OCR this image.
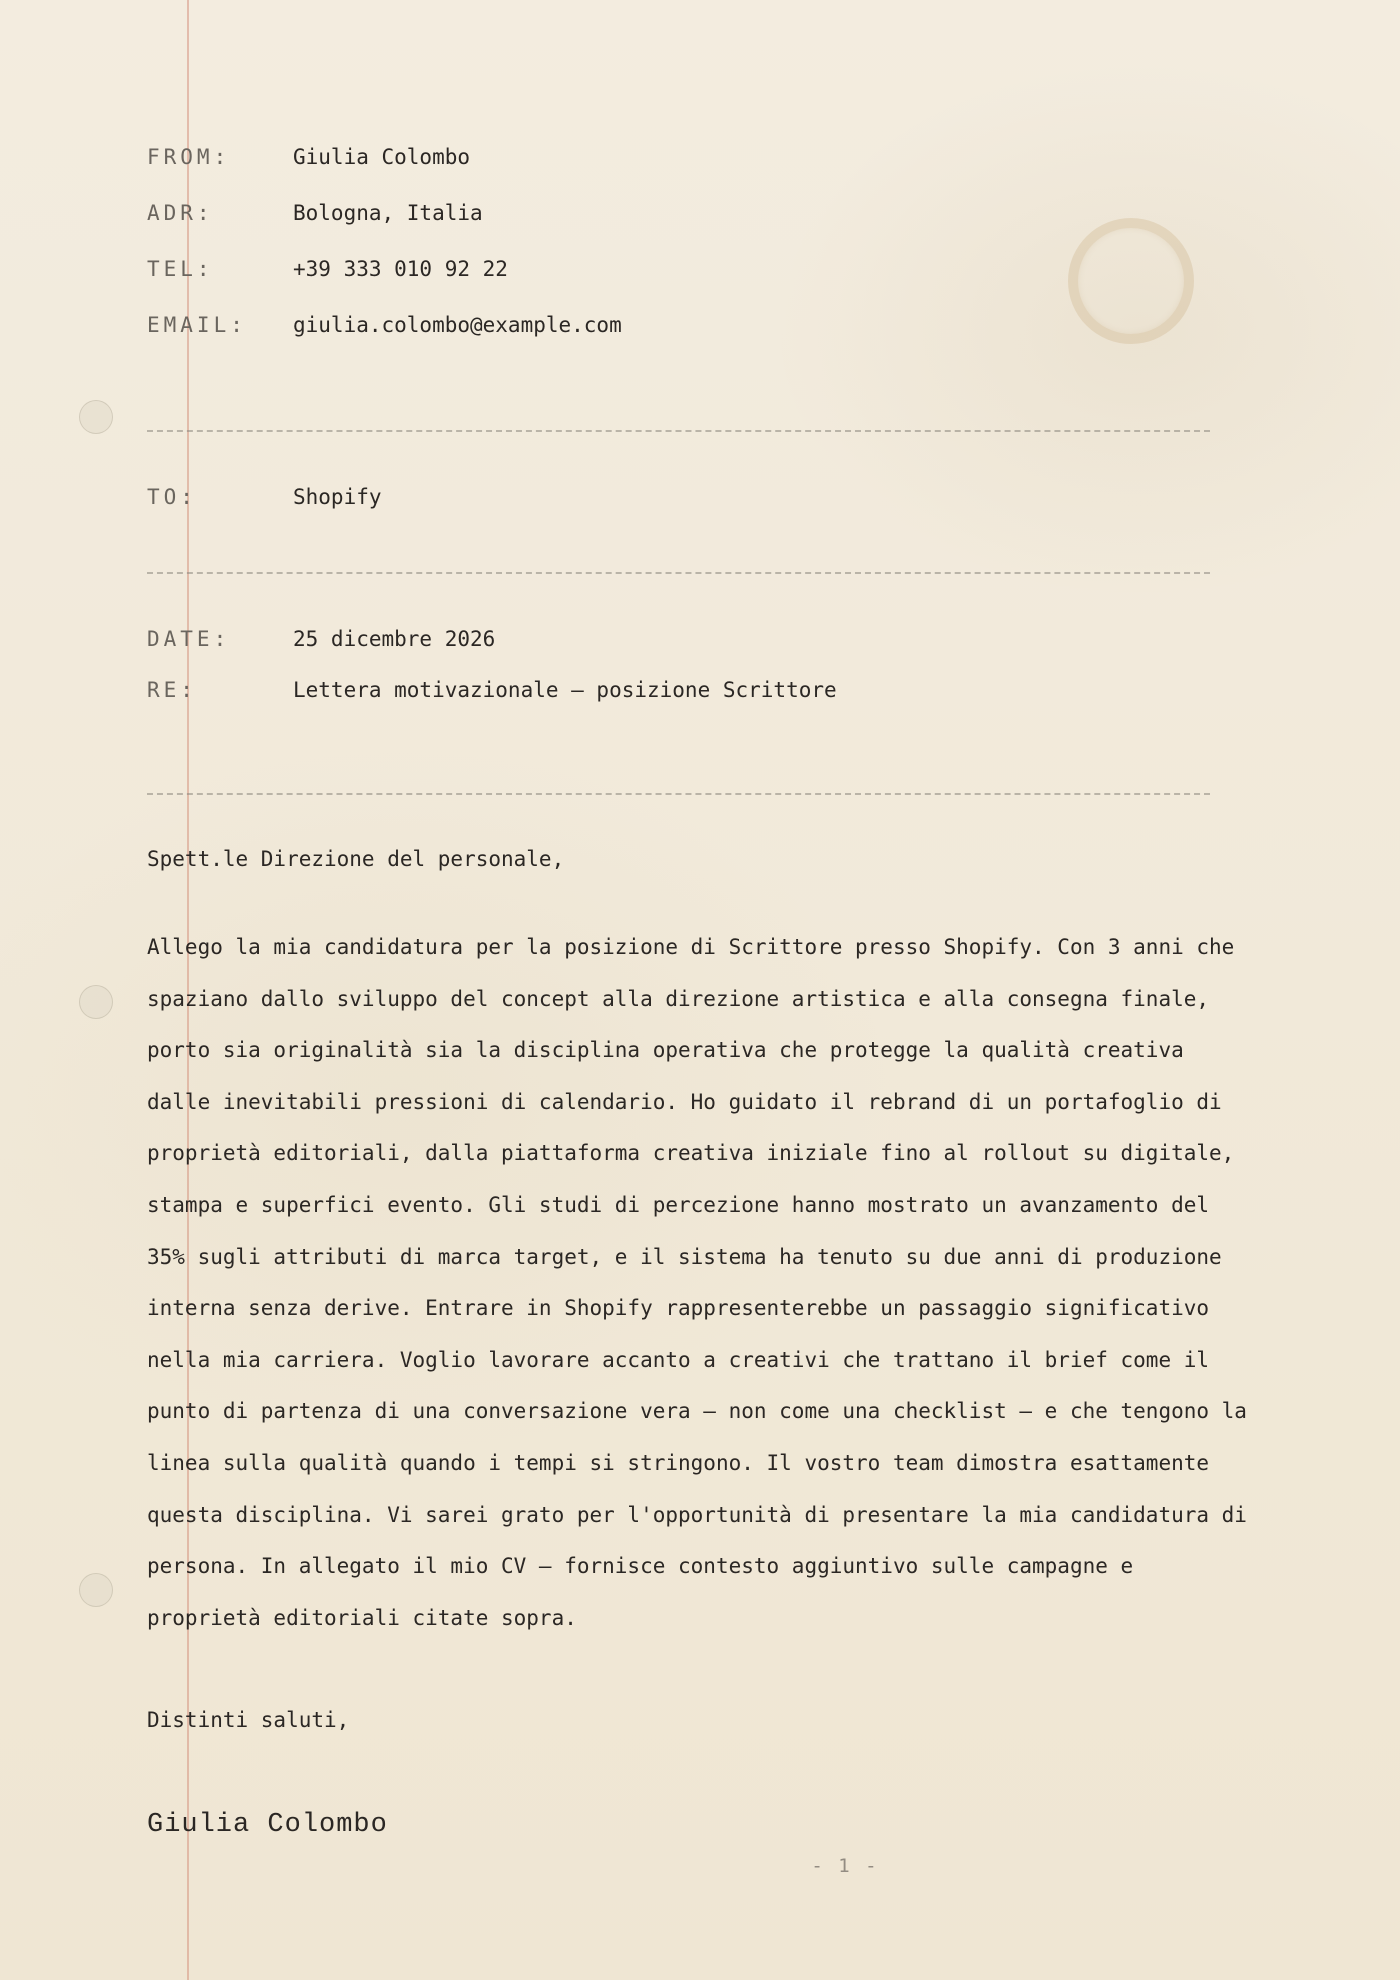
FROM:	Giulia Colombo
ADR:	Bologna, Italia
TEL:	+39 333 010 92 22
EMAIL:	giulia.colombo@example.com
TO:	Shopify
DATE:	25 dicembre 2026
RE:	Lettera motivazionale — posizione Scrittore
Spett.le Direzione del personale,

Allego la mia candidatura per la posizione di Scrittore presso Shopify. Con 3 anni che spaziano dallo sviluppo del concept alla direzione artistica e alla consegna finale, porto sia originalità sia la disciplina operativa che protegge la qualità creativa dalle inevitabili pressioni di calendario. Ho guidato il rebrand di un portafoglio di proprietà editoriali, dalla piattaforma creativa iniziale fino al rollout su digitale, stampa e superfici evento. Gli studi di percezione hanno mostrato un avanzamento del 35% sugli attributi di marca target, e il sistema ha tenuto su due anni di produzione interna senza derive. Entrare in Shopify rappresenterebbe un passaggio significativo nella mia carriera. Voglio lavorare accanto a creativi che trattano il brief come il punto di partenza di una conversazione vera — non come una checklist — e che tengono la linea sulla qualità quando i tempi si stringono. Il vostro team dimostra esattamente questa disciplina. Vi sarei grato per l'opportunità di presentare la mia candidatura di persona. In allegato il mio CV — fornisce contesto aggiuntivo sulle campagne e proprietà editoriali citate sopra.

Distinti saluti,
Giulia Colombo
- 1 -
